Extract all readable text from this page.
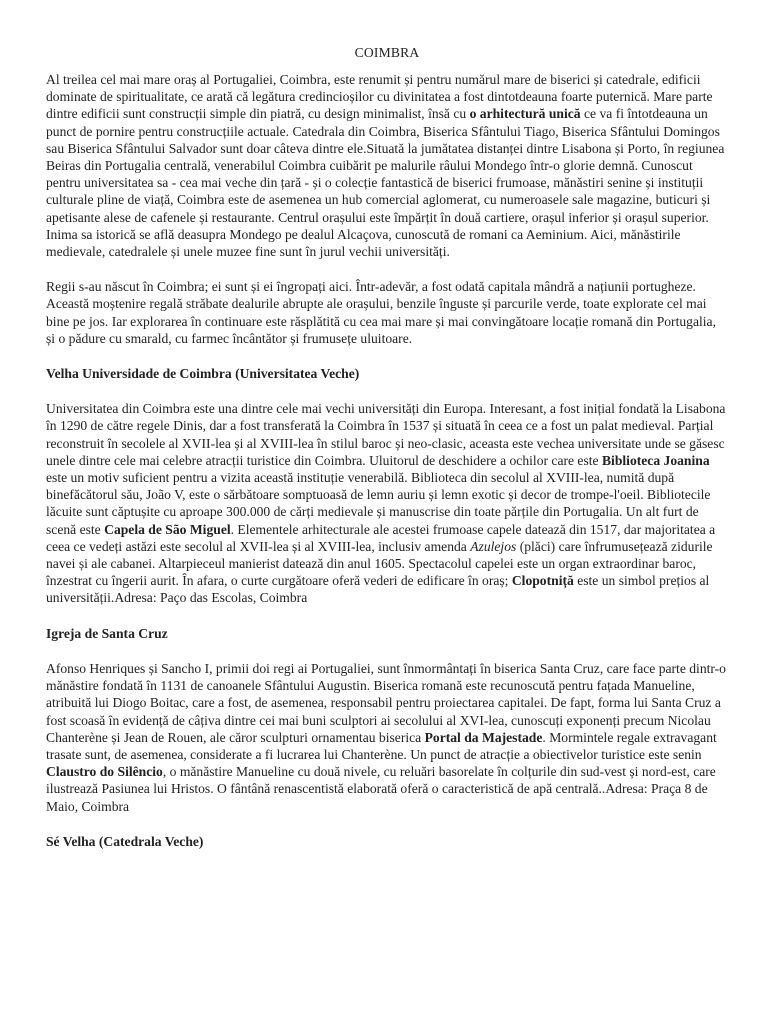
COIMBRA

Al treilea cel mai mare oraș al Portugaliei, Coimbra, este renumit și pentru numărul mare de biserici și catedrale, edificii dominate de spiritualitate, ce arată că legătura credincioșilor cu divinitatea a fost dintotdeauna foarte puternică. Mare parte dintre edificii sunt construcții simple din piatră, cu design minimalist, însă cu o arhitectură unică ce va fi întotdeauna un punct de pornire pentru construcțiile actuale. Catedrala din Coimbra, Biserica Sfântului Tiago, Biserica Sfântului Domingos sau Biserica Sfântului Salvador sunt doar câteva dintre ele.Situată la jumătatea distanței dintre Lisabona și Porto, în regiunea Beiras din Portugalia centrală, venerabilul Coimbra cuibărit pe malurile râului Mondego într-o glorie demnă. Cunoscut pentru universitatea sa - cea mai veche din țară - și o colecție fantastică de biserici frumoase, mănăstiri senine și instituții culturale pline de viață, Coimbra este de asemenea un hub comercial aglomerat, cu numeroasele sale magazine, buticuri și apetisante alese de cafenele și restaurante. Centrul orașului este împărțit în două cartiere, orașul inferior și orașul superior. Inima sa istorică se află deasupra Mondego pe dealul Alcaçova, cunoscută de romani ca Aeminium. Aici, mănăstirile medievale, catedralele și unele muzee fine sunt în jurul vechii universități.

Regii s-au născut în Coimbra; ei sunt și ei îngropați aici. Într-adevăr, a fost odată capitala mândră a națiunii portugheze. Această moștenire regală străbate dealurile abrupte ale orașului, benzile înguste și parcurile verde, toate explorate cel mai bine pe jos. Iar explorarea în continuare este răsplătită cu cea mai mare și mai convingătoare locație romană din Portugalia, și o pădure cu smarald, cu farmec încântător și frumusețe uluitoare.

Velha Universidade de Coimbra (Universitatea Veche)

Universitatea din Coimbra este una dintre cele mai vechi universități din Europa. Interesant, a fost inițial fondată la Lisabona în 1290 de către regele Dinis, dar a fost transferată la Coimbra în 1537 și situată în ceea ce a fost un palat medieval. Parțial reconstruit în secolele al XVII-lea și al XVIII-lea în stilul baroc și neo-clasic, aceasta este vechea universitate unde se găsesc unele dintre cele mai celebre atracții turistice din Coimbra. Uluitorul de deschidere a ochilor care este Biblioteca Joanina este un motiv suficient pentru a vizita această instituție venerabilă. Biblioteca din secolul al XVIII-lea, numită după binefăcătorul său, João V, este o sărbătoare somptuoasă de lemn auriu și lemn exotic și decor de trompe-l'oeil. Bibliotecile lăcuite sunt căptușite cu aproape 300.000 de cărți medievale și manuscrise din toate părțile din Portugalia. Un alt furt de scenă este Capela de São Miguel. Elementele arhitecturale ale acestei frumoase capele datează din 1517, dar majoritatea a ceea ce vedeți astăzi este secolul al XVII-lea și al XVIII-lea, inclusiv amenda Azulejos (plăci) care înfrumusețează zidurile navei și ale cabanei. Altarpieceul manierist datează din anul 1605. Spectacolul capelei este un organ extraordinar baroc, înzestrat cu îngerii aurit. În afara, o curte curgătoare oferă vederi de edificare în oraș; Clopotniță este un simbol prețios al universității.Adresa: Paço das Escolas, Coimbra

Igreja de Santa Cruz

Afonso Henriques și Sancho I, primii doi regi ai Portugaliei, sunt înmormântați în biserica Santa Cruz, care face parte dintr-o mănăstire fondată în 1131 de canoanele Sfântului Augustin. Biserica romană este recunoscută pentru fațada Manueline, atribuită lui Diogo Boitac, care a fost, de asemenea, responsabil pentru proiectarea capitalei. De fapt, forma lui Santa Cruz a fost scoasă în evidență de câțiva dintre cei mai buni sculptori ai secolului al XVI-lea, cunoscuți exponenți precum Nicolau Chanterène și Jean de Rouen, ale căror sculpturi ornamentau biserica Portal da Majestade. Mormintele regale extravagant trasate sunt, de asemenea, considerate a fi lucrarea lui Chanterène. Un punct de atracție a obiectivelor turistice este senin Claustro do Silêncio, o mănăstire Manueline cu două nivele, cu reluări basorelate în colțurile din sud-vest și nord-est, care ilustrează Pasiunea lui Hristos. O fântână renascentistă elaborată oferă o caracteristică de apă centrală..Adresa: Praça 8 de Maio, Coimbra

Sé Velha (Catedrala Veche)
